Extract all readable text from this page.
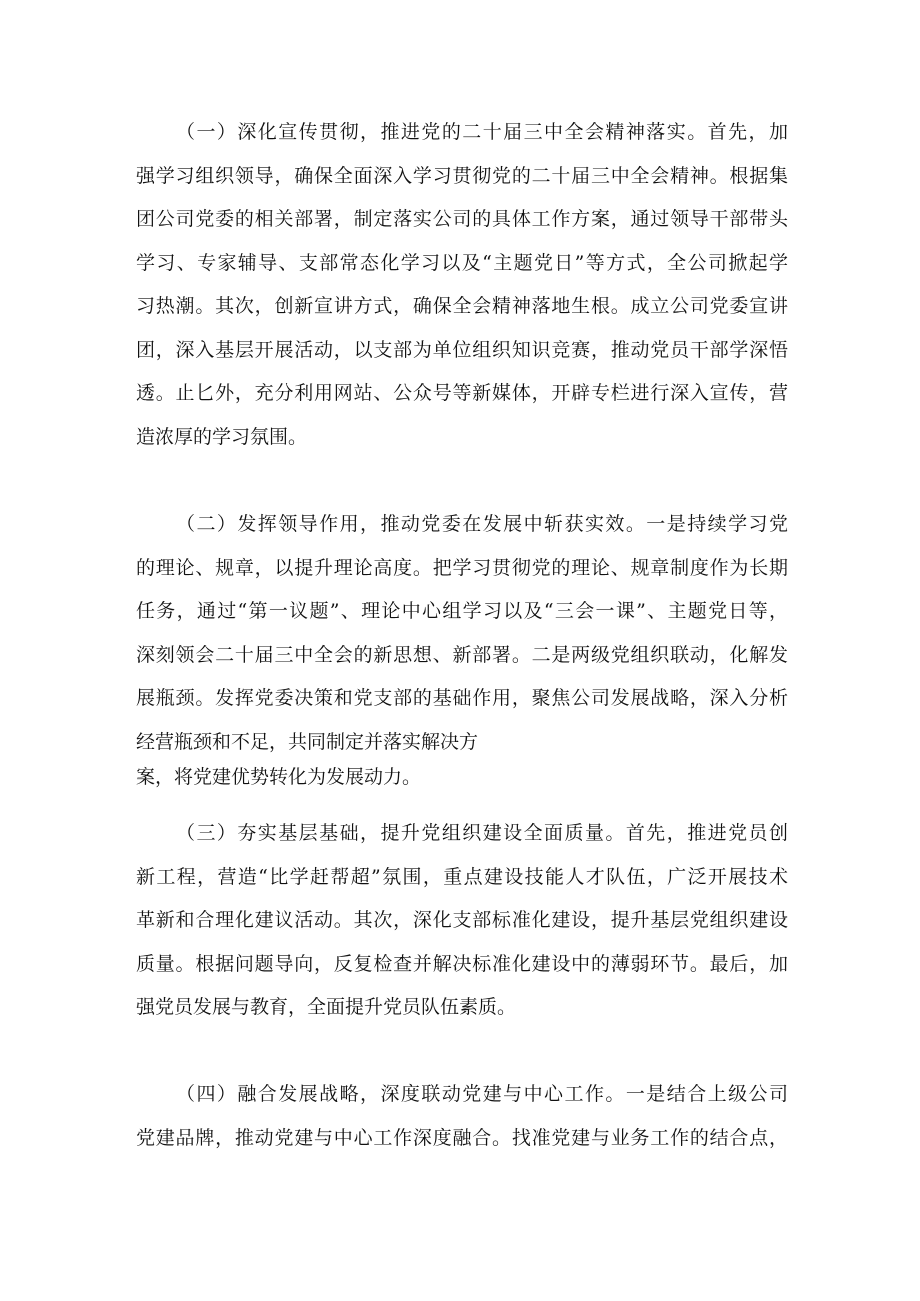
（一）深化宣传贯彻，推进党的二十届三中全会精神落实。首先，加

强学习组织领导，确保全面深入学习贯彻党的二十届三中全会精神。根据集

团公司党委的相关部署，制定落实公司的具体工作方案，通过领导干部带头

学习、专家辅导、支部常态化学习以及“主题党日”等方式，全公司掀起学

习热潮。其次，创新宣讲方式，确保全会精神落地生根。成立公司党委宣讲

团，深入基层开展活动，以支部为单位组织知识竞赛，推动党员干部学深悟

透。止匕外，充分利用网站、公众号等新媒体，开辟专栏进行深入宣传，营

造浓厚的学习氛围。

（二）发挥领导作用，推动党委在发展中斩获实效。一是持续学习党

的理论、规章，以提升理论高度。把学习贯彻党的理论、规章制度作为长期

任务，通过“第一议题”、理论中心组学习以及“三会一课”、主题党日等，

深刻领会二十届三中全会的新思想、新部署。二是两级党组织联动，化解发

展瓶颈。发挥党委决策和党支部的基础作用，聚焦公司发展战略，深入分析

经营瓶颈和不足，共同制定并落实解决方

案，将党建优势转化为发展动力。

（三）夯实基层基础，提升党组织建设全面质量。首先，推进党员创

新工程，营造“比学赶帮超”氛围，重点建设技能人才队伍，广泛开展技术

革新和合理化建议活动。其次，深化支部标准化建设，提升基层党组织建设

质量。根据问题导向，反复检查并解决标准化建设中的薄弱环节。最后，加

强党员发展与教育，全面提升党员队伍素质。

（四）融合发展战略，深度联动党建与中心工作。一是结合上级公司

党建品牌，推动党建与中心工作深度融合。找准党建与业务工作的结合点，
